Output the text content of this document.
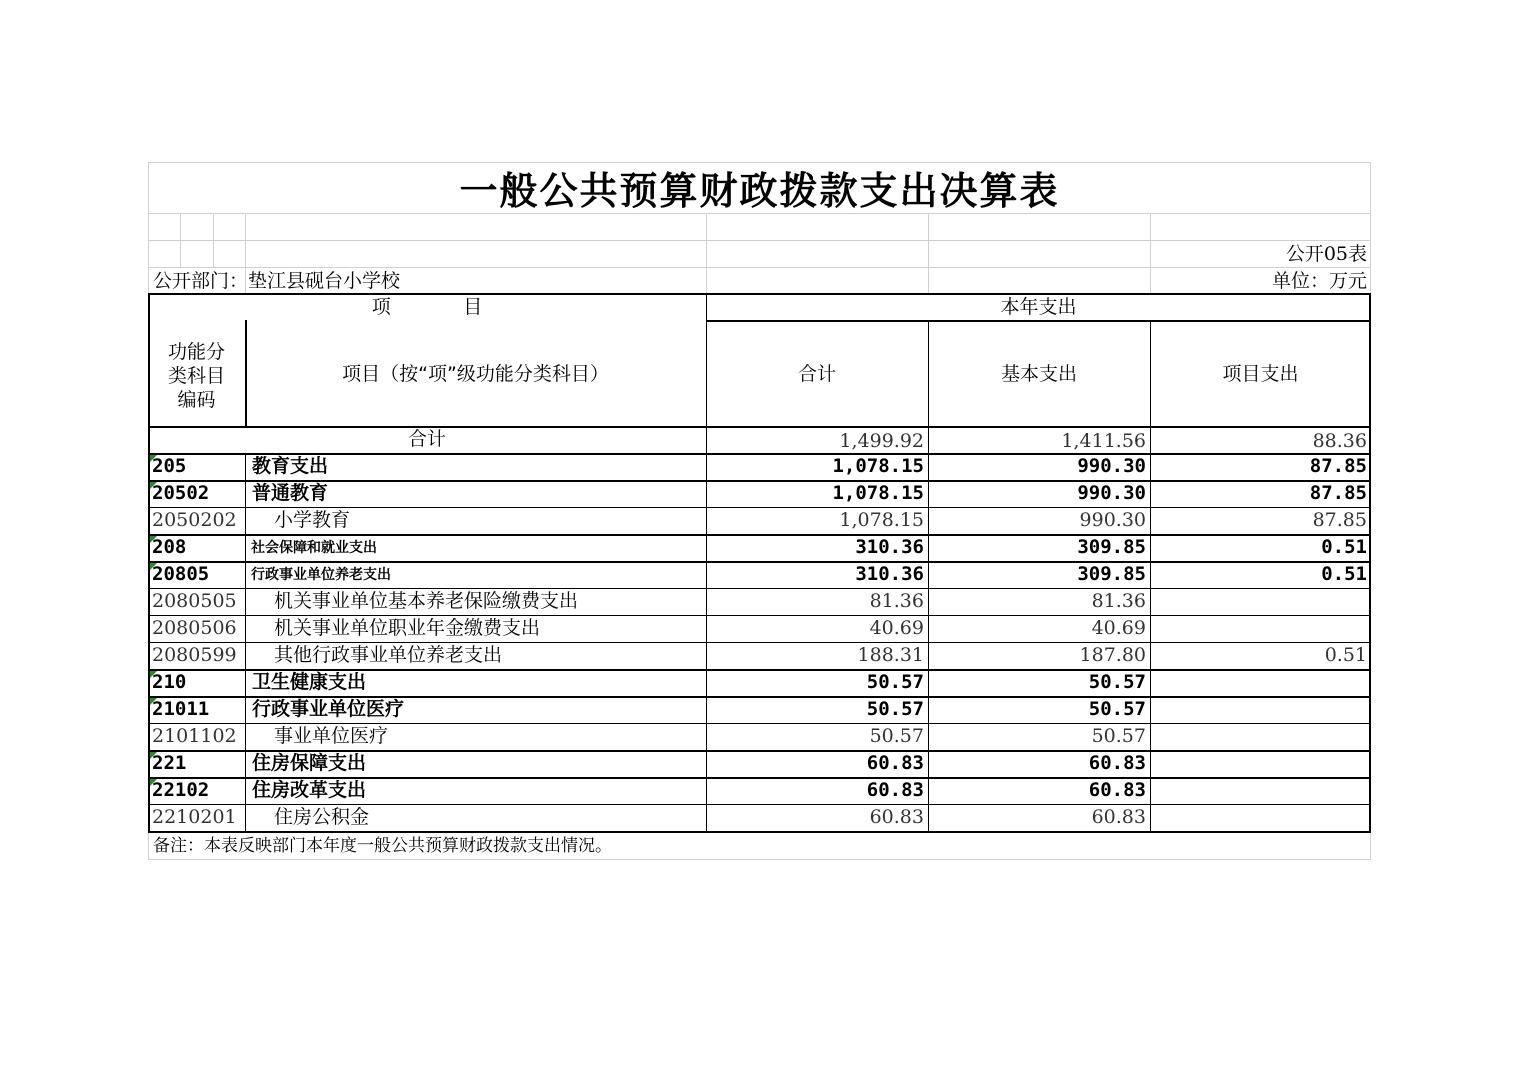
一般公共预算财政拨款支出决算表
公开05表
公开部门：垫江县砚台小学校	单位：万元
项            目	本年支出
功能分
类科目
编码
项目（按“项”级功能分类科目）	合计	基本支出	项目支出
合计	1,499.92	1,411.56	88.36
205	教育支出	1,078.15	990.30	87.85
20502 普通教育	1,078.15	990.30	87.85
2050202 小学教育	1,078.15	990.30	87.85
208	社会保障和就业支出	310.36	309.85	0.51
20805	行政事业单位养老支出	310.36	309.85	0.51
2080505 机关事业单位基本养老保险缴费支出	81.36	81.36
2080506 机关事业单位职业年金缴费支出	40.69	40.69
2080599 其他行政事业单位养老支出	188.31	187.80	0.51
210	卫生健康支出	50.57	50.57
21011 行政事业单位医疗	50.57	50.57
2101102 事业单位医疗	50.57	50.57
221	住房保障支出	60.83	60.83
22102 住房改革支出	60.83	60.83
2210201 住房公积金	60.83	60.83
备注：本表反映部门本年度一般公共预算财政拨款支出情况。
